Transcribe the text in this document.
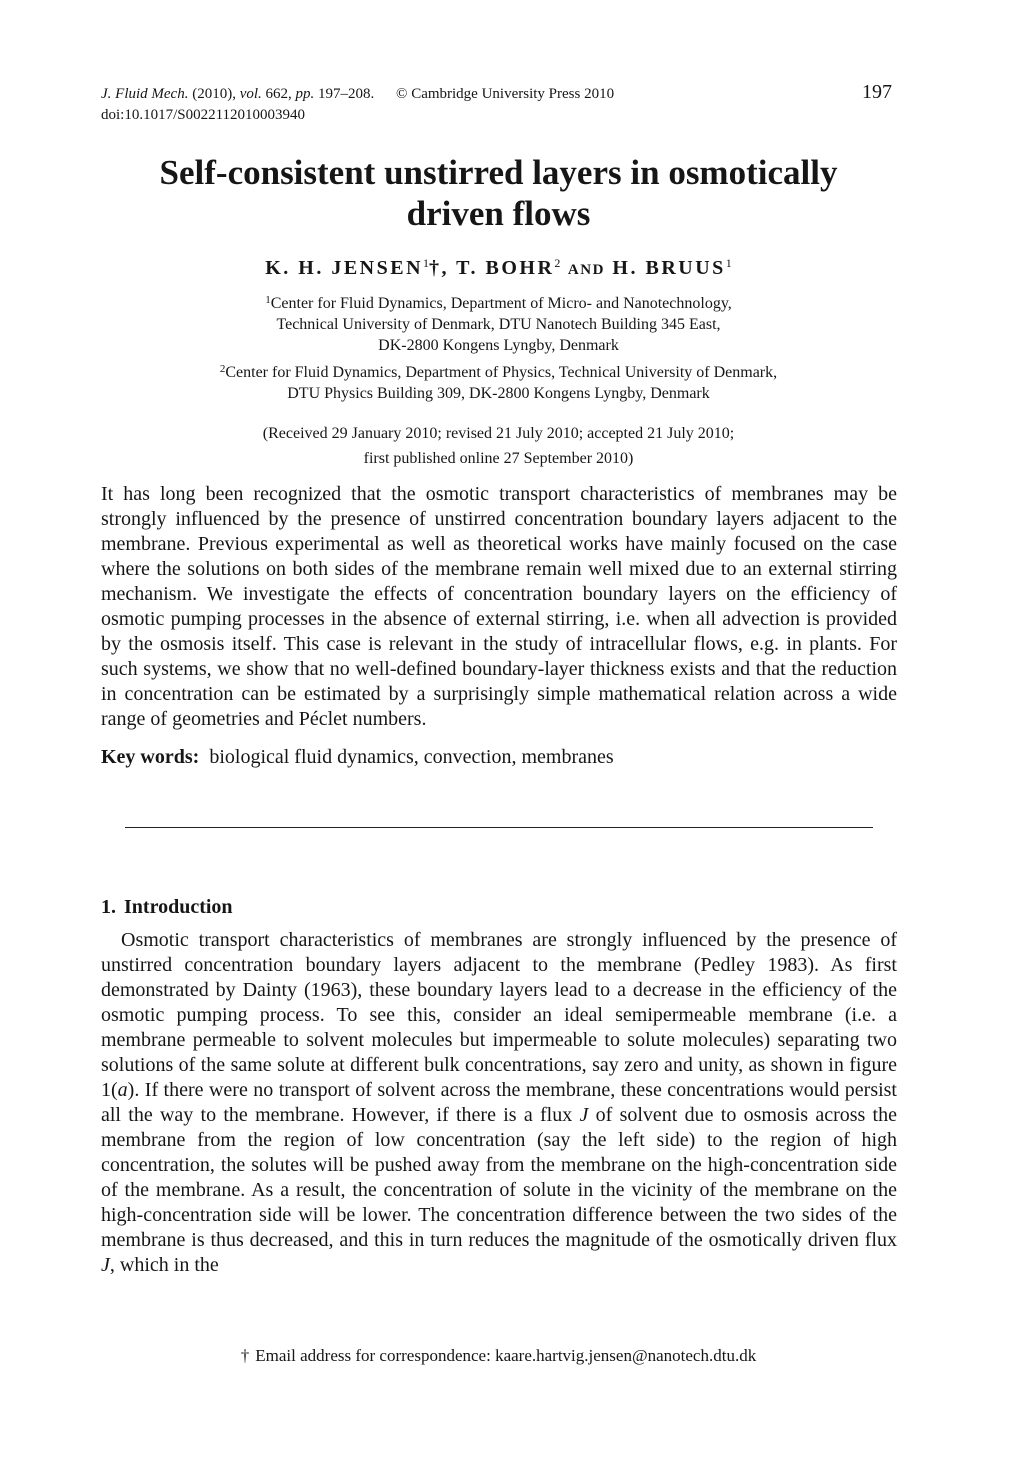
J. Fluid Mech. (2010), vol. 662, pp. 197–208. © Cambridge University Press 2010
doi:10.1017/S0022112010003940
197
Self-consistent unstirred layers in osmotically
driven flows
K. H. JENSEN$^1$†, T. BOHR$^2$ AND H. BRUUS$^1$
$^1$Center for Fluid Dynamics, Department of Micro- and Nanotechnology,
Technical University of Denmark, DTU Nanotech Building 345 East,
DK-2800 Kongens Lyngby, Denmark
$^2$Center for Fluid Dynamics, Department of Physics, Technical University of Denmark,
DTU Physics Building 309, DK-2800 Kongens Lyngby, Denmark
(Received 29 January 2010; revised 21 July 2010; accepted 21 July 2010;
first published online 27 September 2010)
It has long been recognized that the osmotic transport characteristics of membranes may be strongly influenced by the presence of unstirred concentration boundary layers adjacent to the membrane. Previous experimental as well as theoretical works have mainly focused on the case where the solutions on both sides of the membrane remain well mixed due to an external stirring mechanism. We investigate the effects of concentration boundary layers on the efficiency of osmotic pumping processes in the absence of external stirring, i.e. when all advection is provided by the osmosis itself. This case is relevant in the study of intracellular flows, e.g. in plants. For such systems, we show that no well-defined boundary-layer thickness exists and that the reduction in concentration can be estimated by a surprisingly simple mathematical relation across a wide range of geometries and Péclet numbers.
Key words: biological fluid dynamics, convection, membranes
1. Introduction
Osmotic transport characteristics of membranes are strongly influenced by the presence of unstirred concentration boundary layers adjacent to the membrane (Pedley 1983). As first demonstrated by Dainty (1963), these boundary layers lead to a decrease in the efficiency of the osmotic pumping process. To see this, consider an ideal semipermeable membrane (i.e. a membrane permeable to solvent molecules but impermeable to solute molecules) separating two solutions of the same solute at different bulk concentrations, say zero and unity, as shown in figure 1(a). If there were no transport of solvent across the membrane, these concentrations would persist all the way to the membrane. However, if there is a flux J of solvent due to osmosis across the membrane from the region of low concentration (say the left side) to the region of high concentration, the solutes will be pushed away from the membrane on the high-concentration side of the membrane. As a result, the concentration of solute in the vicinity of the membrane on the high-concentration side will be lower. The concentration difference between the two sides of the membrane is thus decreased, and this in turn reduces the magnitude of the osmotically driven flux J, which in the
† Email address for correspondence: kaare.hartvig.jensen@nanotech.dtu.dk
